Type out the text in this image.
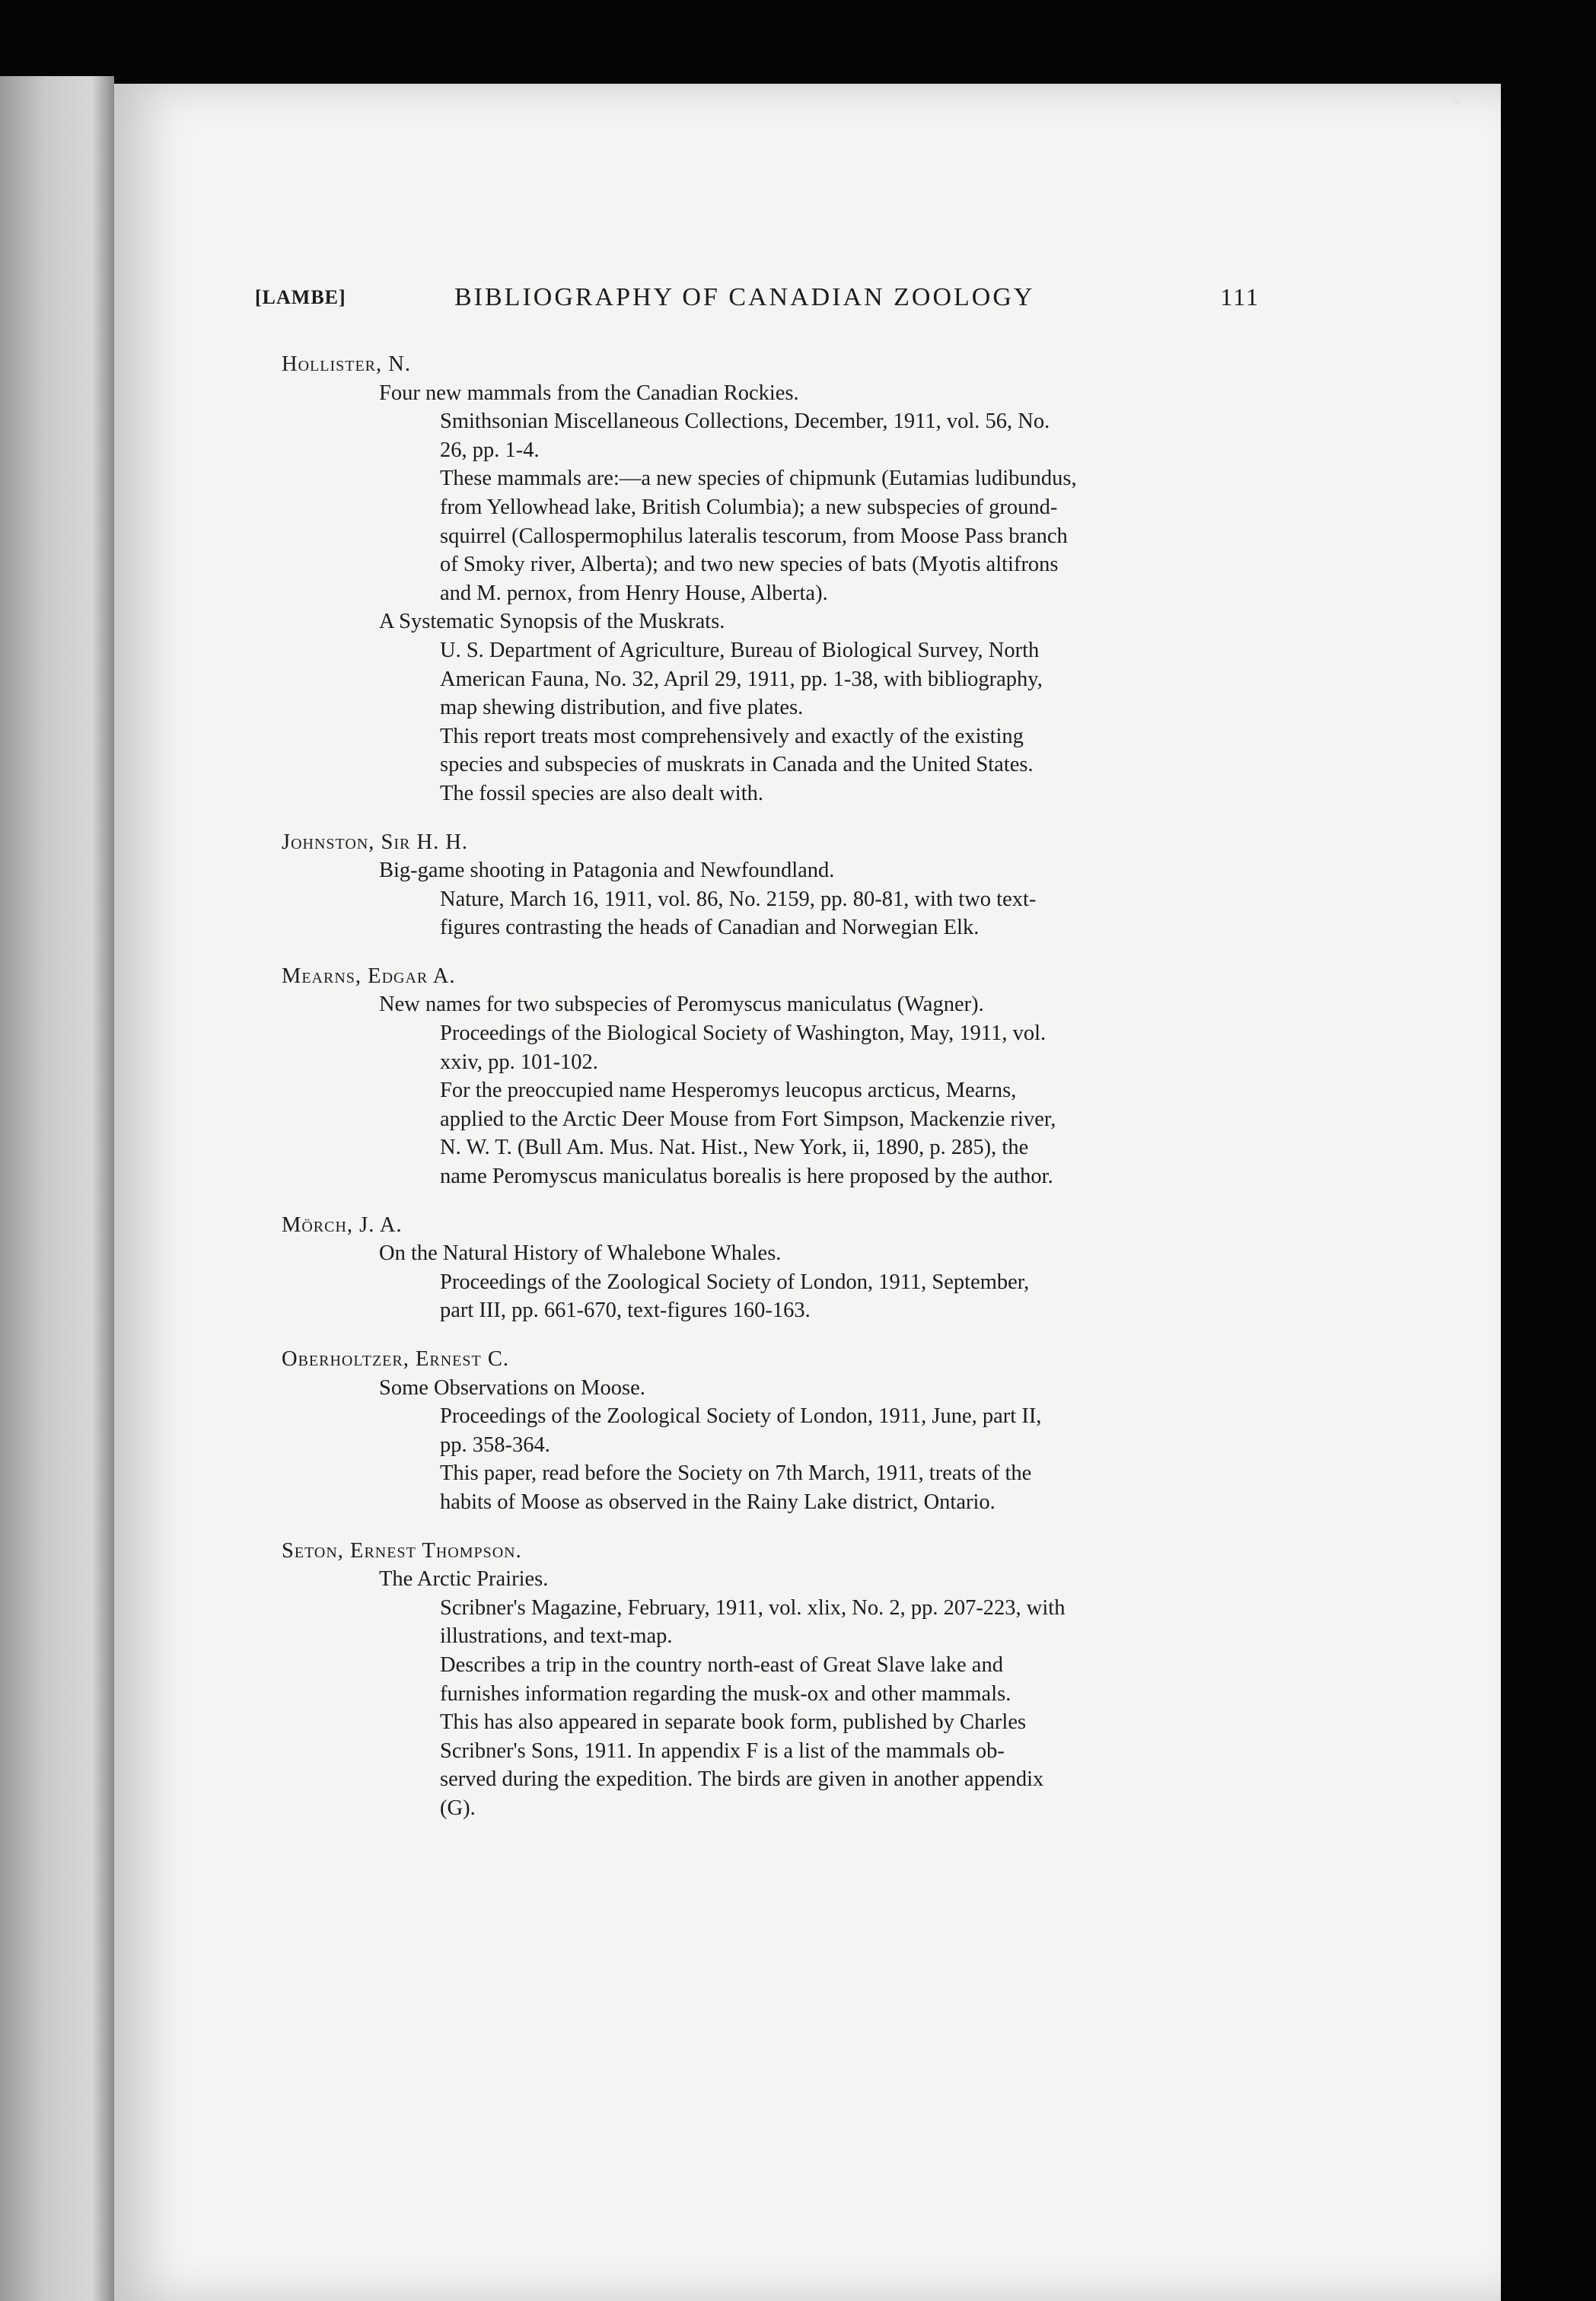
[LAMBE]	BIBLIOGRAPHY OF CANADIAN ZOOLOGY	111
Hollister, N.
Four new mammals from the Canadian Rockies.
Smithsonian Miscellaneous Collections, December, 1911, vol. 56, No.
26, pp. 1-4.
These mammals are:—a new species of chipmunk (Eutamias ludibundus,
from Yellowhead lake, British Columbia); a new subspecies of ground-
squirrel (Callospermophilus lateralis tescorum, from Moose Pass branch
of Smoky river, Alberta); and two new species of bats (Myotis altifrons
and M. pernox, from Henry House, Alberta).
A Systematic Synopsis of the Muskrats.
U. S. Department of Agriculture, Bureau of Biological Survey, North
American Fauna, No. 32, April 29, 1911, pp. 1-38, with bibliography,
map shewing distribution, and five plates.
This report treats most comprehensively and exactly of the existing
species and subspecies of muskrats in Canada and the United States.
The fossil species are also dealt with.
Johnston, Sir H. H.
Big-game shooting in Patagonia and Newfoundland.
Nature, March 16, 1911, vol. 86, No. 2159, pp. 80-81, with two text-
figures contrasting the heads of Canadian and Norwegian Elk.
Mearns, Edgar A.
New names for two subspecies of Peromyscus maniculatus (Wagner).
Proceedings of the Biological Society of Washington, May, 1911, vol.
xxiv, pp. 101-102.
For the preoccupied name Hesperomys leucopus arcticus, Mearns,
applied to the Arctic Deer Mouse from Fort Simpson, Mackenzie river,
N. W. T. (Bull Am. Mus. Nat. Hist., New York, ii, 1890, p. 285), the
name Peromyscus maniculatus borealis is here proposed by the author.
Mörch, J. A.
On the Natural History of Whalebone Whales.
Proceedings of the Zoological Society of London, 1911, September,
part III, pp. 661-670, text-figures 160-163.
Oberholtzer, Ernest C.
Some Observations on Moose.
Proceedings of the Zoological Society of London, 1911, June, part II,
pp. 358-364.
This paper, read before the Society on 7th March, 1911, treats of the
habits of Moose as observed in the Rainy Lake district, Ontario.
Seton, Ernest Thompson.
The Arctic Prairies.
Scribner's Magazine, February, 1911, vol. xlix, No. 2, pp. 207-223, with
illustrations, and text-map.
Describes a trip in the country north-east of Great Slave lake and
furnishes information regarding the musk-ox and other mammals.
This has also appeared in separate book form, published by Charles
Scribner's Sons, 1911. In appendix F is a list of the mammals ob-
served during the expedition. The birds are given in another appendix
(G).
